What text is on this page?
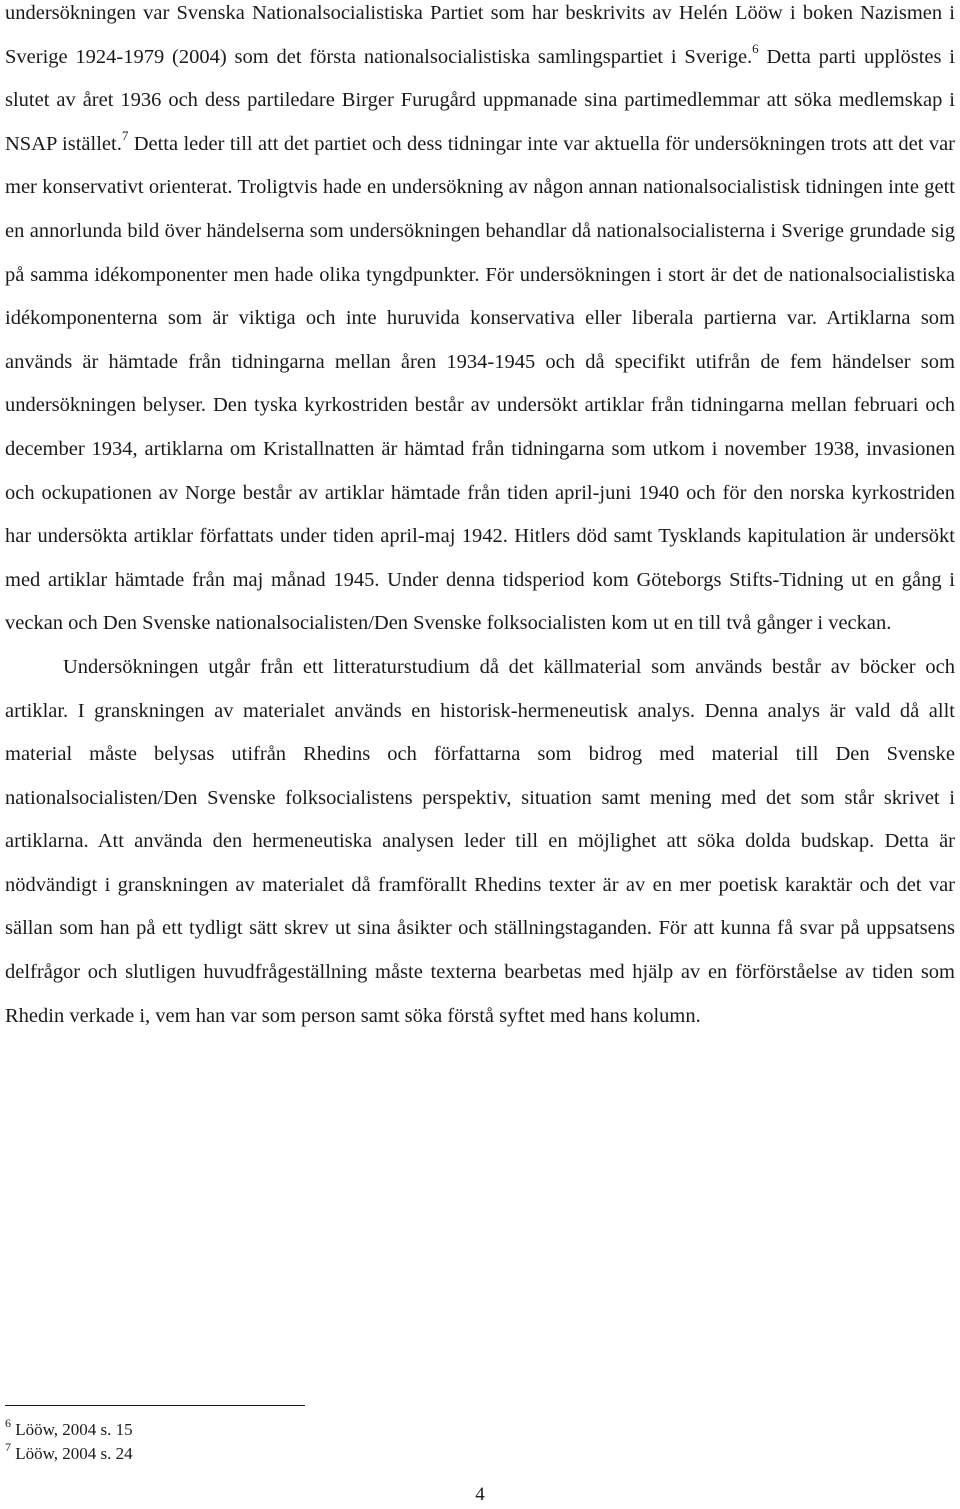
undersökningen var Svenska Nationalsocialistiska Partiet som har beskrivits av Helén Lööw i boken Nazismen i Sverige 1924-1979 (2004) som det första nationalsocialistiska samlingspartiet i Sverige.$^6$ Detta parti upplöstes i slutet av året 1936 och dess partiledare Birger Furugård uppmanade sina partimedlemmar att söka medlemskap i NSAP istället.$^7$ Detta leder till att det partiet och dess tidningar inte var aktuella för undersökningen trots att det var mer konservativt orienterat. Troligtvis hade en undersökning av någon annan nationalsocialistisk tidningen inte gett en annorlunda bild över händelserna som undersökningen behandlar då nationalsocialisterna i Sverige grundade sig på samma idékomponenter men hade olika tyngdpunkter. För undersökningen i stort är det de nationalsocialistiska idékomponenterna som är viktiga och inte huruvida konservativa eller liberala partierna var. Artiklarna som används är hämtade från tidningarna mellan åren 1934-1945 och då specifikt utifrån de fem händelser som undersökningen belyser. Den tyska kyrkostriden består av undersökt artiklar från tidningarna mellan februari och december 1934, artiklarna om Kristallnatten är hämtad från tidningarna som utkom i november 1938, invasionen och ockupationen av Norge består av artiklar hämtade från tiden april-juni 1940 och för den norska kyrkostriden har undersökta artiklar författats under tiden april-maj 1942. Hitlers död samt Tysklands kapitulation är undersökt med artiklar hämtade från maj månad 1945. Under denna tidsperiod kom Göteborgs Stifts-Tidning ut en gång i veckan och Den Svenske nationalsocialisten/Den Svenske folksocialisten kom ut en till två gånger i veckan.

Undersökningen utgår från ett litteraturstudium då det källmaterial som används består av böcker och artiklar. I granskningen av materialet används en historisk-hermeneutisk analys. Denna analys är vald då allt material måste belysas utifrån Rhedins och författarna som bidrog med material till Den Svenske nationalsocialisten/Den Svenske folksocialistens perspektiv, situation samt mening med det som står skrivet i artiklarna. Att använda den hermeneutiska analysen leder till en möjlighet att söka dolda budskap. Detta är nödvändigt i granskningen av materialet då framförallt Rhedins texter är av en mer poetisk karaktär och det var sällan som han på ett tydligt sätt skrev ut sina åsikter och ställningstaganden. För att kunna få svar på uppsatsens delfrågor och slutligen huvudfrågeställning måste texterna bearbetas med hjälp av en förförståelse av tiden som Rhedin verkade i, vem han var som person samt söka förstå syftet med hans kolumn.

$^6$ Lööw, 2004 s. 15
$^7$ Lööw, 2004 s. 24
4
